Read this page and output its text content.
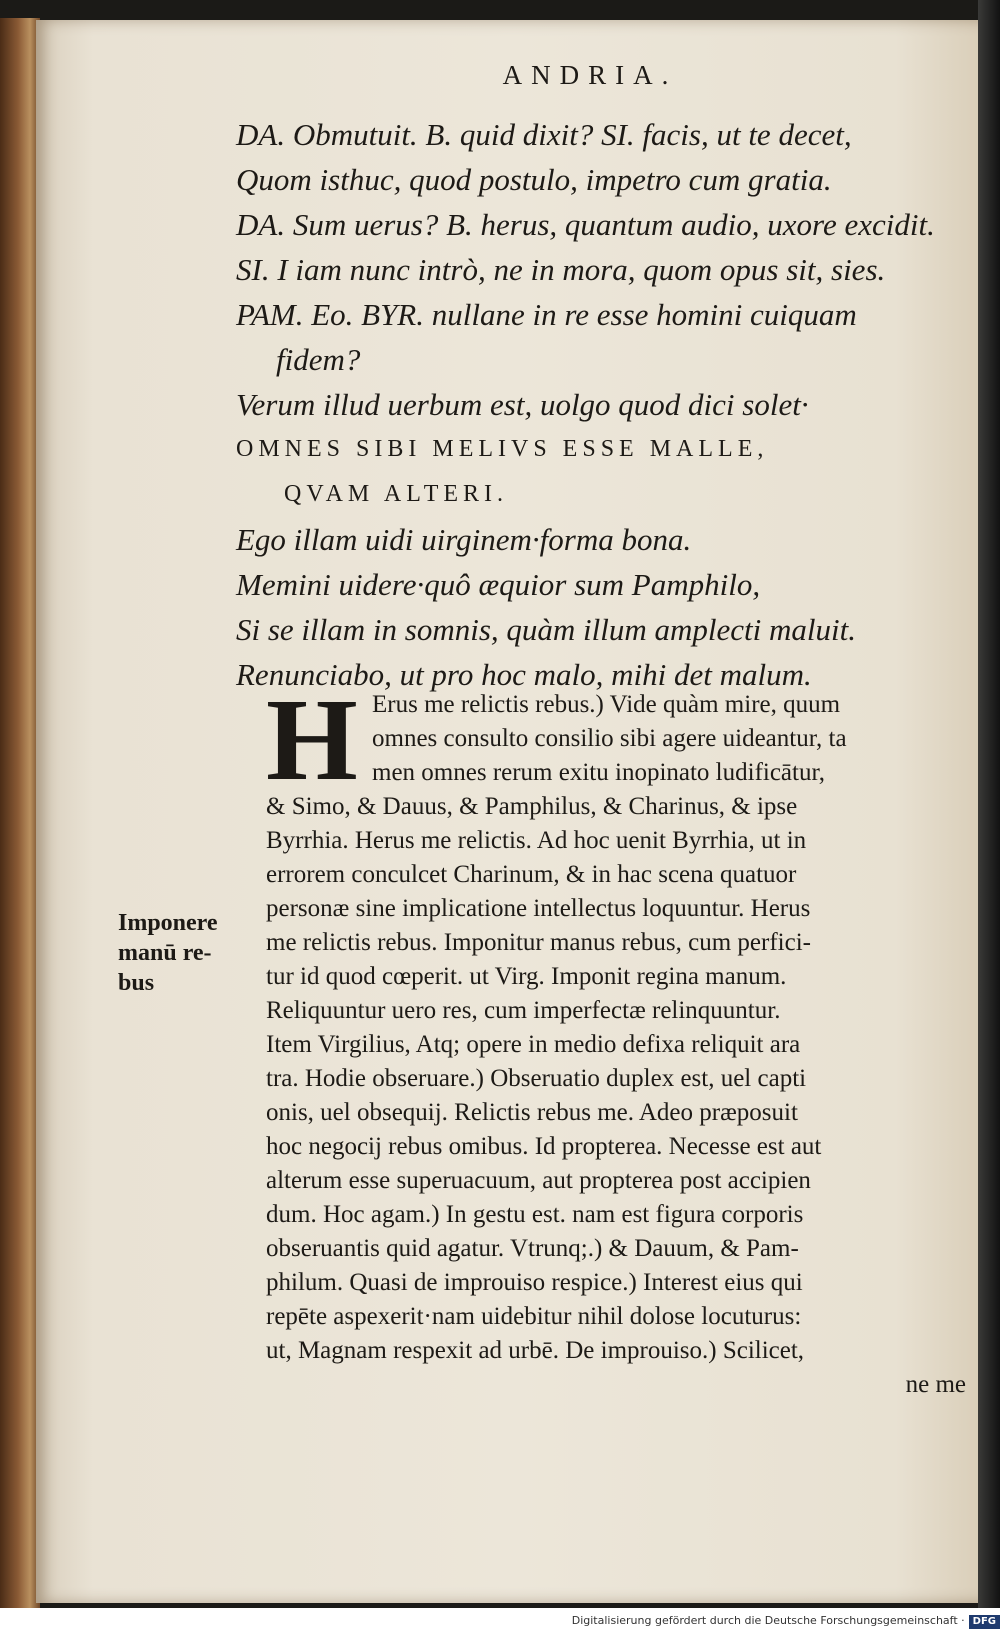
ANDRIA.
DA. Obmutuit. B. quid dixit? SI. facis, ut te decet,
Quom isthuc, quod postulo, impetro cum gratia.
DA. Sum uerus? B. herus, quantum audio, uxore excidit.
SI. I iam nunc intrò, ne in mora, quom opus sit, sies.
PAM. Eo. BYR. nullane in re esse homini cuiquam
fidem?
Verum illud uerbum est, uolgo quod dici solet·
OMNES SIBI MELIVS ESSE MALLE,
QVAM ALTERI.
Ego illam uidi uirginem·forma bona.
Memini uidere·quô æquior sum Pamphilo,
Si se illam in somnis, quàm illum amplecti maluit.
Renunciabo, ut pro hoc malo, mihi det malum.
H Erus me relictis rebus.) Vide quàm mire, quum
omnes consulto consilio sibi agere uideantur, ta
men omnes rerum exitu inopinato ludificātur,
& Simo, & Dauus, & Pamphilus, & Charinus, & ipse
Byrrhia. Herus me relictis. Ad hoc uenit Byrrhia, ut in
errorem conculcet Charinum, & in hac scena quatuor
personæ sine implicatione intellectus loquuntur. Herus
me relictis rebus. Imponitur manus rebus, cum perfici-
tur id quod cœperit. ut Virg. Imponit regina manum.
Reliquuntur uero res, cum imperfectæ relinquuntur.
Item Virgilius, Atq; opere in medio defixa reliquit ara
tra. Hodie obseruare.) Obseruatio duplex est, uel capti
onis, uel obsequij. Relictis rebus me. Adeo præposuit
hoc negocij rebus omibus. Id propterea. Necesse est aut
alterum esse superuacuum, aut propterea post accipien
dum. Hoc agam.) In gestu est. nam est figura corporis
obseruantis quid agatur. Vtrunq;.) & Dauum, & Pam-
philum. Quasi de improuiso respice.) Interest eius qui
repēte aspexerit·nam uidebitur nihil dolose locuturus:
ut, Magnam respexit ad urbē. De improuiso.) Scilicet,
ne me
Imponere
manū re-
bus
Digitalisierung gefördert durch die Deutsche Forschungsgemeinschaft · DFG
